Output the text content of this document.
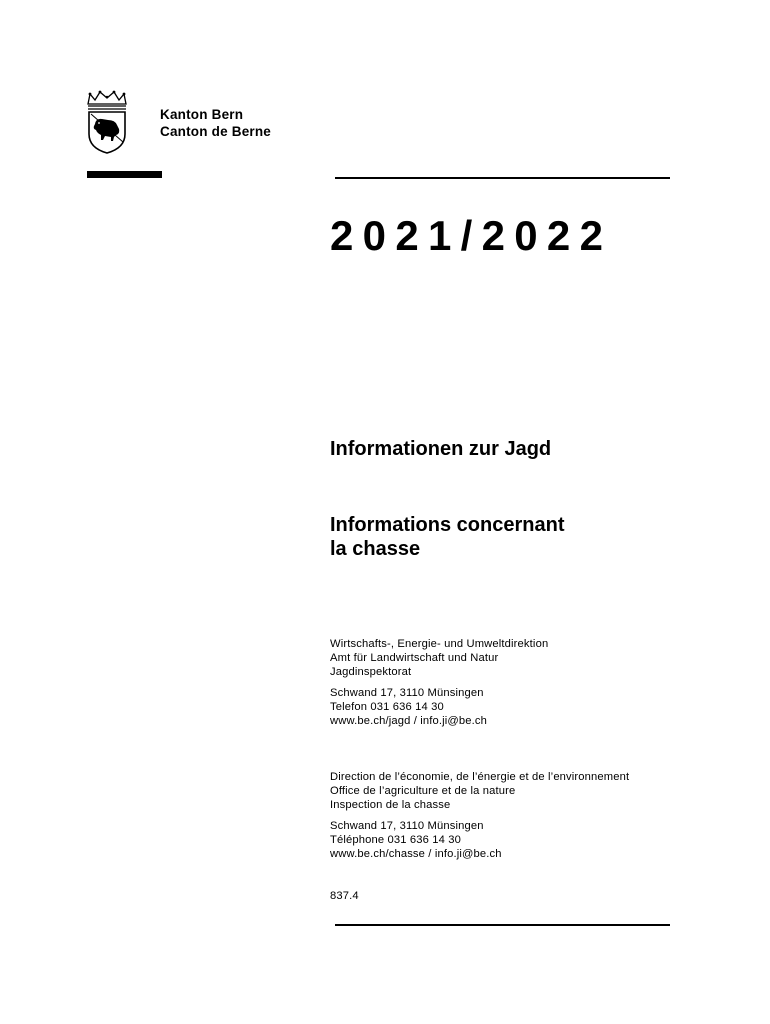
Kanton Bern
Canton de Berne
2021/2022
Informationen zur Jagd
Informations concernant
la chasse
Wirtschafts-, Energie- und Umweltdirektion
Amt für Landwirtschaft und Natur
Jagdinspektorat
Schwand 17, 3110 Münsingen
Telefon 031 636 14 30
www.be.ch/jagd / info.ji@be.ch
Direction de l’économie, de l’énergie et de l’environnement
Office de l’agriculture et de la nature
Inspection de la chasse
Schwand 17, 3110 Münsingen
Téléphone 031 636 14 30
www.be.ch/chasse / info.ji@be.ch
837.4
